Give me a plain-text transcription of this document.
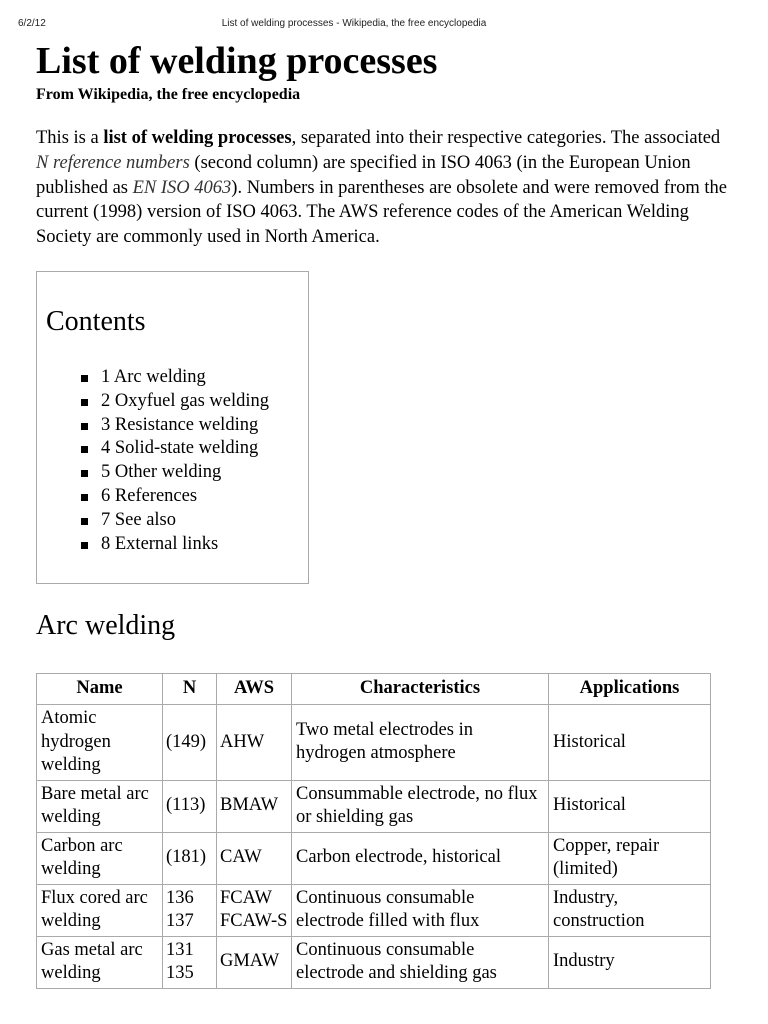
6/2/12	List of welding processes - Wikipedia, the free encyclopedia
List of welding processes
From Wikipedia, the free encyclopedia

This is a list of welding processes, separated into their respective categories. The associated N reference numbers (second column) are specified in ISO 4063 (in the European Union published as EN ISO 4063). Numbers in parentheses are obsolete and were removed from the current (1998) version of ISO 4063. The AWS reference codes of the American Welding Society are commonly used in North America.

Contents
1 Arc welding
2 Oxyfuel gas welding
3 Resistance welding
4 Solid-state welding
5 Other welding
6 References
7 See also
8 External links
Arc welding
Name	N	AWS	Characteristics	Applications
Atomic hydrogen welding	(149)	AHW	Two metal electrodes in hydrogen atmosphere	Historical
Bare metal arc welding	(113)	BMAW	Consummable electrode, no flux or shielding gas	Historical
Carbon arc welding	(181)	CAW	Carbon electrode, historical	Copper, repair (limited)
Flux cored arc welding	136 137	FCAW FCAW-S	Continuous consumable electrode filled with flux	Industry, construction
Gas metal arc welding	131 135	GMAW	Continuous consumable electrode and shielding gas	Industry
